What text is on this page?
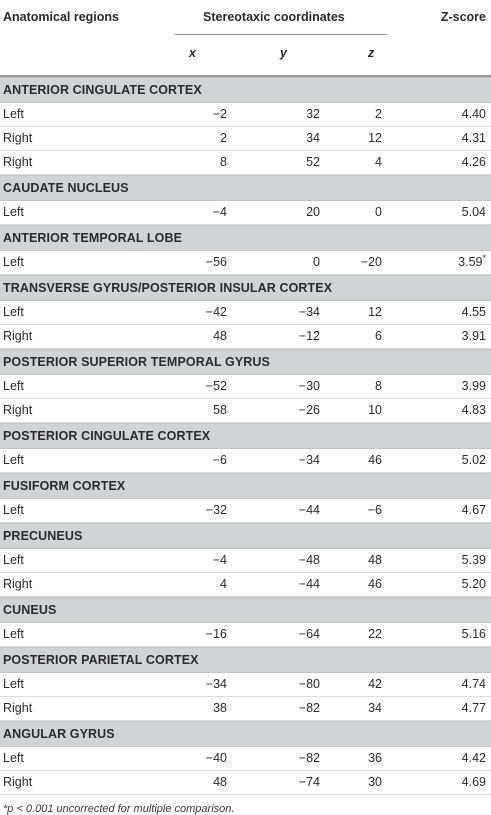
Anatomical regions	Stereotaxic coordinates	Z-score
x	y	z
ANTERIOR CINGULATE CORTEX
Left	−2	32	2	4.40
Right	2	34	12	4.31
Right	8	52	4	4.26
CAUDATE NUCLEUS
Left	−4	20	0	5.04
ANTERIOR TEMPORAL LOBE
Left	−56	0	−20	3.59*
TRANSVERSE GYRUS/POSTERIOR INSULAR CORTEX
Left	−42	−34	12	4.55
Right	48	−12	6	3.91
POSTERIOR SUPERIOR TEMPORAL GYRUS
Left	−52	−30	8	3.99
Right	58	−26	10	4.83
POSTERIOR CINGULATE CORTEX
Left	−6	−34	46	5.02
FUSIFORM CORTEX
Left	−32	−44	−6	4.67
PRECUNEUS
Left	−4	−48	48	5.39
Right	4	−44	46	5.20
CUNEUS
Left	−16	−64	22	5.16
POSTERIOR PARIETAL CORTEX
Left	−34	−80	42	4.74
Right	38	−82	34	4.77
ANGULAR GYRUS
Left	−40	−82	36	4.42
Right	48	−74	30	4.69
*p < 0.001 uncorrected for multiple comparison.
